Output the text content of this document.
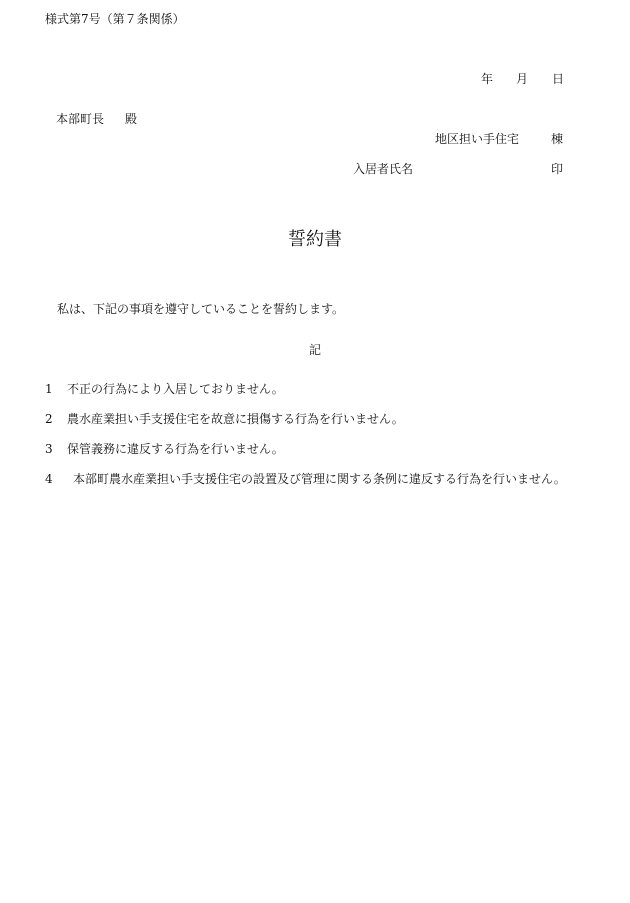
様式第7号（第７条関係）
年 月 日
本部町長 殿
地区担い手住宅	棟
入居者氏名	印
誓約書
私は、下記の事項を遵守していることを誓約します。
記
1 不正の行為により入居しておりません。
2 農水産業担い手支援住宅を故意に損傷する行為を行いません。
3 保管義務に違反する行為を行いません。
4 本部町農水産業担い手支援住宅の設置及び管理に関する条例に違反する行為を行いません。
